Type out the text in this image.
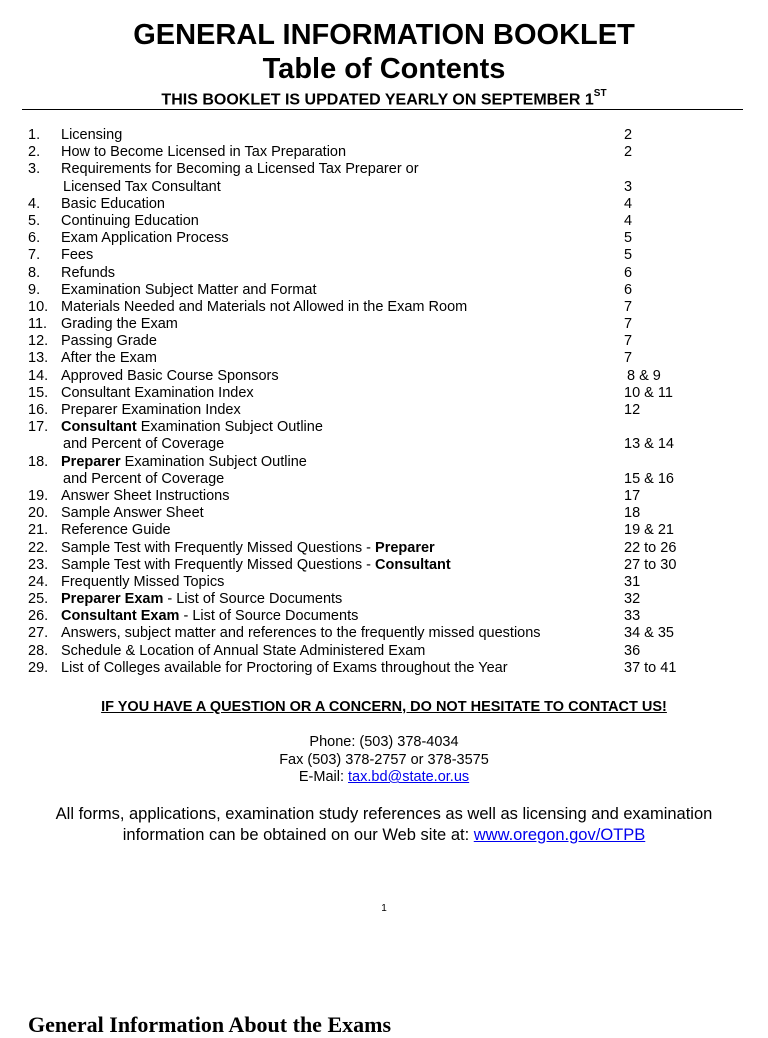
GENERAL INFORMATION BOOKLET
Table of Contents
THIS BOOKLET IS UPDATED YEARLY ON SEPTEMBER 1ST
1. Licensing	2
2. How to Become Licensed in Tax Preparation	2
3. Requirements for Becoming a Licensed Tax Preparer or
Licensed Tax Consultant	3
4. Basic Education	4
5. Continuing Education	4
6. Exam Application Process	5
7. Fees	5
8. Refunds	6
9. Examination Subject Matter and Format	6
10. Materials Needed and Materials not Allowed in the Exam Room	7
11. Grading the Exam	7
12. Passing Grade	7
13. After the Exam	7
14. Approved Basic Course Sponsors	8 & 9
15. Consultant Examination Index	10 & 11
16. Preparer Examination Index	12
17. Consultant Examination Subject Outline
and Percent of Coverage	13 & 14
18. Preparer Examination Subject Outline
and Percent of Coverage	15 & 16
19. Answer Sheet Instructions	17
20. Sample Answer Sheet	18
21. Reference Guide	19 & 21
22. Sample Test with Frequently Missed Questions - Preparer	22 to 26
23. Sample Test with Frequently Missed Questions - Consultant	27 to 30
24. Frequently Missed Topics	31
25. Preparer Exam - List of Source Documents	32
26. Consultant Exam - List of Source Documents	33
27. Answers, subject matter and references to the frequently missed questions	34 & 35
28. Schedule & Location of Annual State Administered Exam	36
29. List of Colleges available for Proctoring of Exams throughout the Year	37 to 41
IF YOU HAVE A QUESTION OR A CONCERN, DO NOT HESITATE TO CONTACT US!
Phone: (503) 378-4034
Fax (503) 378-2757 or 378-3575
E-Mail: tax.bd@state.or.us
All forms, applications, examination study references as well as licensing and examination
information can be obtained on our Web site at: www.oregon.gov/OTPB
1
General Information About the Exams
